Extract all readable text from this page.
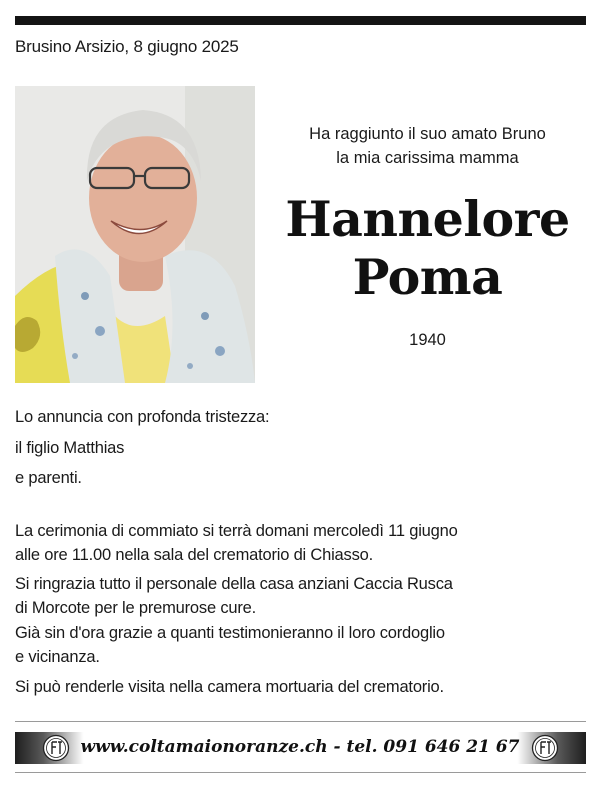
Brusino Arsizio, 8 giugno 2025
Ha raggiunto il suo amato Bruno
la mia carissima mamma
Hannelore
Poma
1940
Lo annuncia con profonda tristezza:
il figlio Matthias
e parenti.
La cerimonia di commiato si terrà domani mercoledì 11 giugno
alle ore 11.00 nella sala del crematorio di Chiasso.
Si ringrazia tutto il personale della casa anziani Caccia Rusca
di Morcote per le premurose cure.
Già sin d'ora grazie a quanti testimonieranno il loro cordoglio
e vicinanza.
Si può renderle visita nella camera mortuaria del crematorio.
www.coltamaionoranze.ch - tel. 091 646 21 67
